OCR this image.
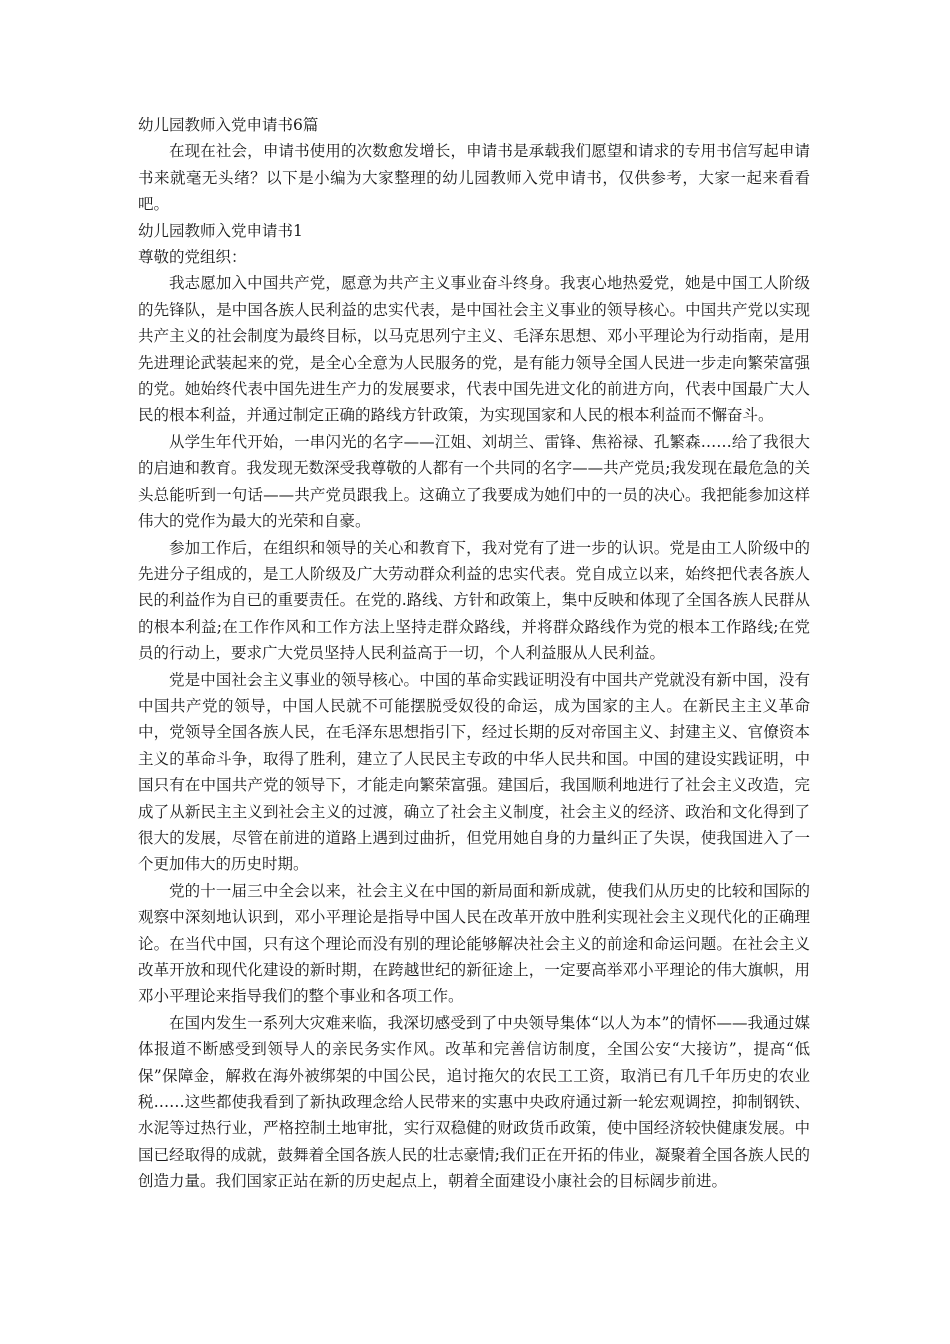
幼儿园教师入党申请书6篇

在现在社会，申请书使用的次数愈发增长，申请书是承载我们愿望和请求的专用书信写起申请书来就毫无头绪？以下是小编为大家整理的幼儿园教师入党申请书，仅供参考，大家一起来看看吧。

幼儿园教师入党申请书1

尊敬的党组织：

我志愿加入中国共产党，愿意为共产主义事业奋斗终身。我衷心地热爱党，她是中国工人阶级的先锋队，是中国各族人民利益的忠实代表，是中国社会主义事业的领导核心。中国共产党以实现共产主义的社会制度为最终目标，以马克思列宁主义、毛泽东思想、邓小平理论为行动指南，是用先进理论武装起来的党，是全心全意为人民服务的党，是有能力领导全国人民进一步走向繁荣富强的党。她始终代表中国先进生产力的发展要求，代表中国先进文化的前进方向，代表中国最广大人民的根本利益，并通过制定正确的路线方针政策，为实现国家和人民的根本利益而不懈奋斗。

从学生年代开始，一串闪光的名字——江姐、刘胡兰、雷锋、焦裕禄、孔繁森……给了我很大的启迪和教育。我发现无数深受我尊敬的人都有一个共同的名字——共产党员;我发现在最危急的关头总能听到一句话——共产党员跟我上。这确立了我要成为她们中的一员的决心。我把能参加这样伟大的党作为最大的光荣和自豪。

参加工作后，在组织和领导的关心和教育下，我对党有了进一步的认识。党是由工人阶级中的先进分子组成的，是工人阶级及广大劳动群众利益的忠实代表。党自成立以来，始终把代表各族人民的利益作为自已的重要责任。在党的.路线、方针和政策上，集中反映和体现了全国各族人民群从的根本利益;在工作作风和工作方法上坚持走群众路线，并将群众路线作为党的根本工作路线;在党员的行动上，要求广大党员坚持人民利益高于一切，个人利益服从人民利益。

党是中国社会主义事业的领导核心。中国的革命实践证明没有中国共产党就没有新中国，没有中国共产党的领导，中国人民就不可能摆脱受奴役的命运，成为国家的主人。在新民主主义革命中，党领导全国各族人民，在毛泽东思想指引下，经过长期的反对帝国主义、封建主义、官僚资本主义的革命斗争，取得了胜利，建立了人民民主专政的中华人民共和国。中国的建设实践证明，中国只有在中国共产党的领导下，才能走向繁荣富强。建国后，我国顺利地进行了社会主义改造，完成了从新民主主义到社会主义的过渡，确立了社会主义制度，社会主义的经济、政治和文化得到了很大的发展，尽管在前进的道路上遇到过曲折，但党用她自身的力量纠正了失误，使我国进入了一个更加伟大的历史时期。

党的十一届三中全会以来，社会主义在中国的新局面和新成就，使我们从历史的比较和国际的观察中深刻地认识到，邓小平理论是指导中国人民在改革开放中胜利实现社会主义现代化的正确理论。在当代中国，只有这个理论而没有别的理论能够解决社会主义的前途和命运问题。在社会主义改革开放和现代化建设的新时期，在跨越世纪的新征途上，一定要高举邓小平理论的伟大旗帜，用邓小平理论来指导我们的整个事业和各项工作。

在国内发生一系列大灾难来临，我深切感受到了中央领导集体“以人为本”的情怀——我通过媒体报道不断感受到领导人的亲民务实作风。改革和完善信访制度，全国公安“大接访”，提高“低保”保障金，解救在海外被绑架的中国公民，追讨拖欠的农民工工资，取消已有几千年历史的农业税……这些都使我看到了新执政理念给人民带来的实惠中央政府通过新一轮宏观调控，抑制钢铁、水泥等过热行业，严格控制土地审批，实行双稳健的财政货币政策，使中国经济较快健康发展。中国已经取得的成就，鼓舞着全国各族人民的壮志豪情;我们正在开拓的伟业，凝聚着全国各族人民的创造力量。我们国家正站在新的历史起点上，朝着全面建设小康社会的目标阔步前进。
